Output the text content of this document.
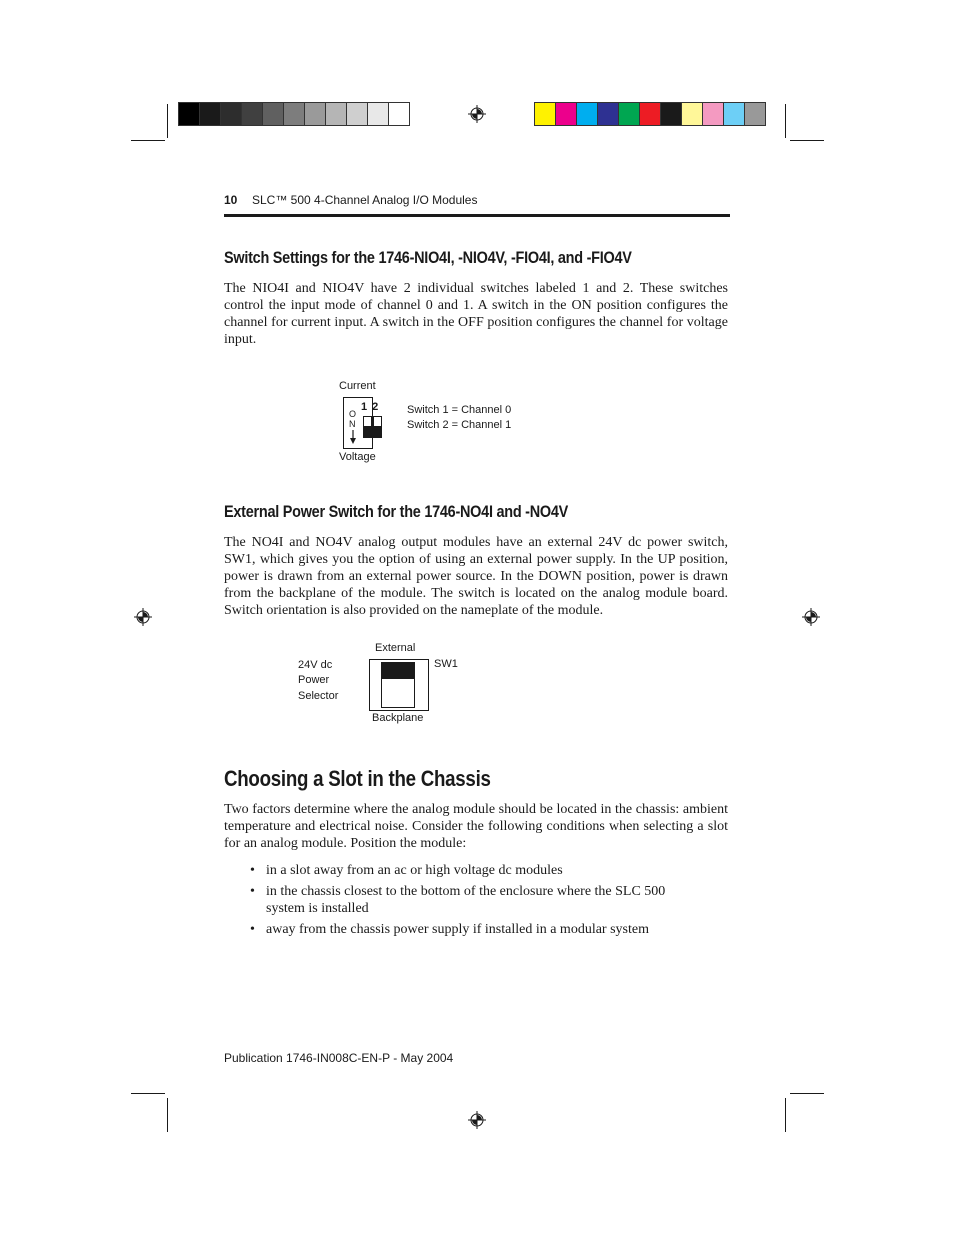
10 SLC™ 500 4-Channel Analog I/O Modules
Switch Settings for the 1746-NIO4I, -NIO4V, -FIO4I, and -FIO4V
The NIO4I and NIO4V have 2 individual switches labeled 1 and 2. These switches control the input mode of channel 0 and 1. A switch in the ON position configures the channel for current input. A switch in the OFF position configures the channel for voltage input.
Current
1 2
O
N
Voltage
Switch 1 = Channel 0
Switch 2 = Channel 1
External Power Switch for the 1746-NO4I and -NO4V
The NO4I and NO4V analog output modules have an external 24V dc power switch, SW1, which gives you the option of using an external power supply. In the UP position, power is drawn from an external power source. In the DOWN position, power is drawn from the backplane of the module. The switch is located on the analog module board. Switch orientation is also provided on the nameplate of the module.
External
24V dc
Power
Selector
SW1
Backplane
Choosing a Slot in the Chassis
Two factors determine where the analog module should be located in the chassis: ambient temperature and electrical noise. Consider the following conditions when selecting a slot for an analog module. Position the module:
• in a slot away from an ac or high voltage dc modules
• in the chassis closest to the bottom of the enclosure where the SLC 500 system is installed
• away from the chassis power supply if installed in a modular system
Publication 1746-IN008C-EN-P - May 2004
